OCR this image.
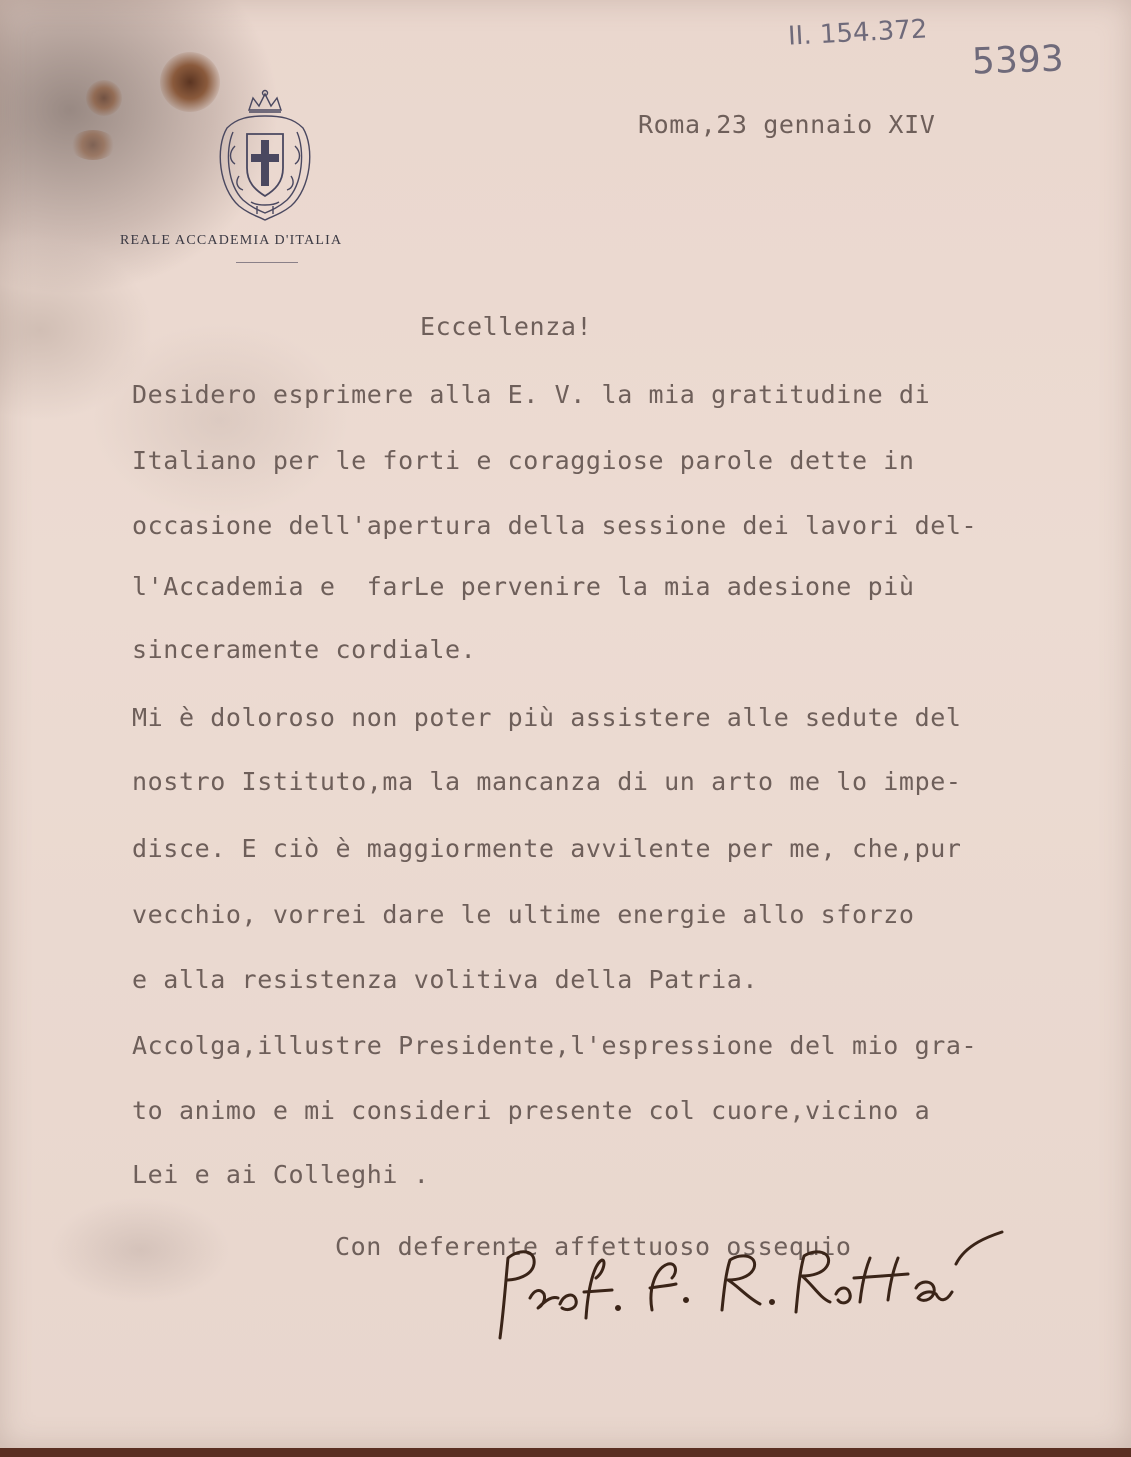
II. 154.372
5393
REALE ACCADEMIA D'ITALIA

Roma,23 gennaio XIV

Eccellenza!

Desidero esprimere alla E. V. la mia gratitudine di

Italiano per le forti e coraggiose parole dette in

occasione dell'apertura della sessione dei lavori del-

l'Accademia e  farLe pervenire la mia adesione più

sinceramente cordiale.

Mi è doloroso non poter più assistere alle sedute del

nostro Istituto,ma la mancanza di un arto me lo impe-

disce. E ciò è maggiormente avvilente per me, che,pur

vecchio, vorrei dare le ultime energie allo sforzo

e alla resistenza volitiva della Patria.

Accolga,illustre Presidente,l'espressione del mio gra-

to animo e mi consideri presente col cuore,vicino a

Lei e ai Colleghi .

Con deferente affettuoso ossequio
